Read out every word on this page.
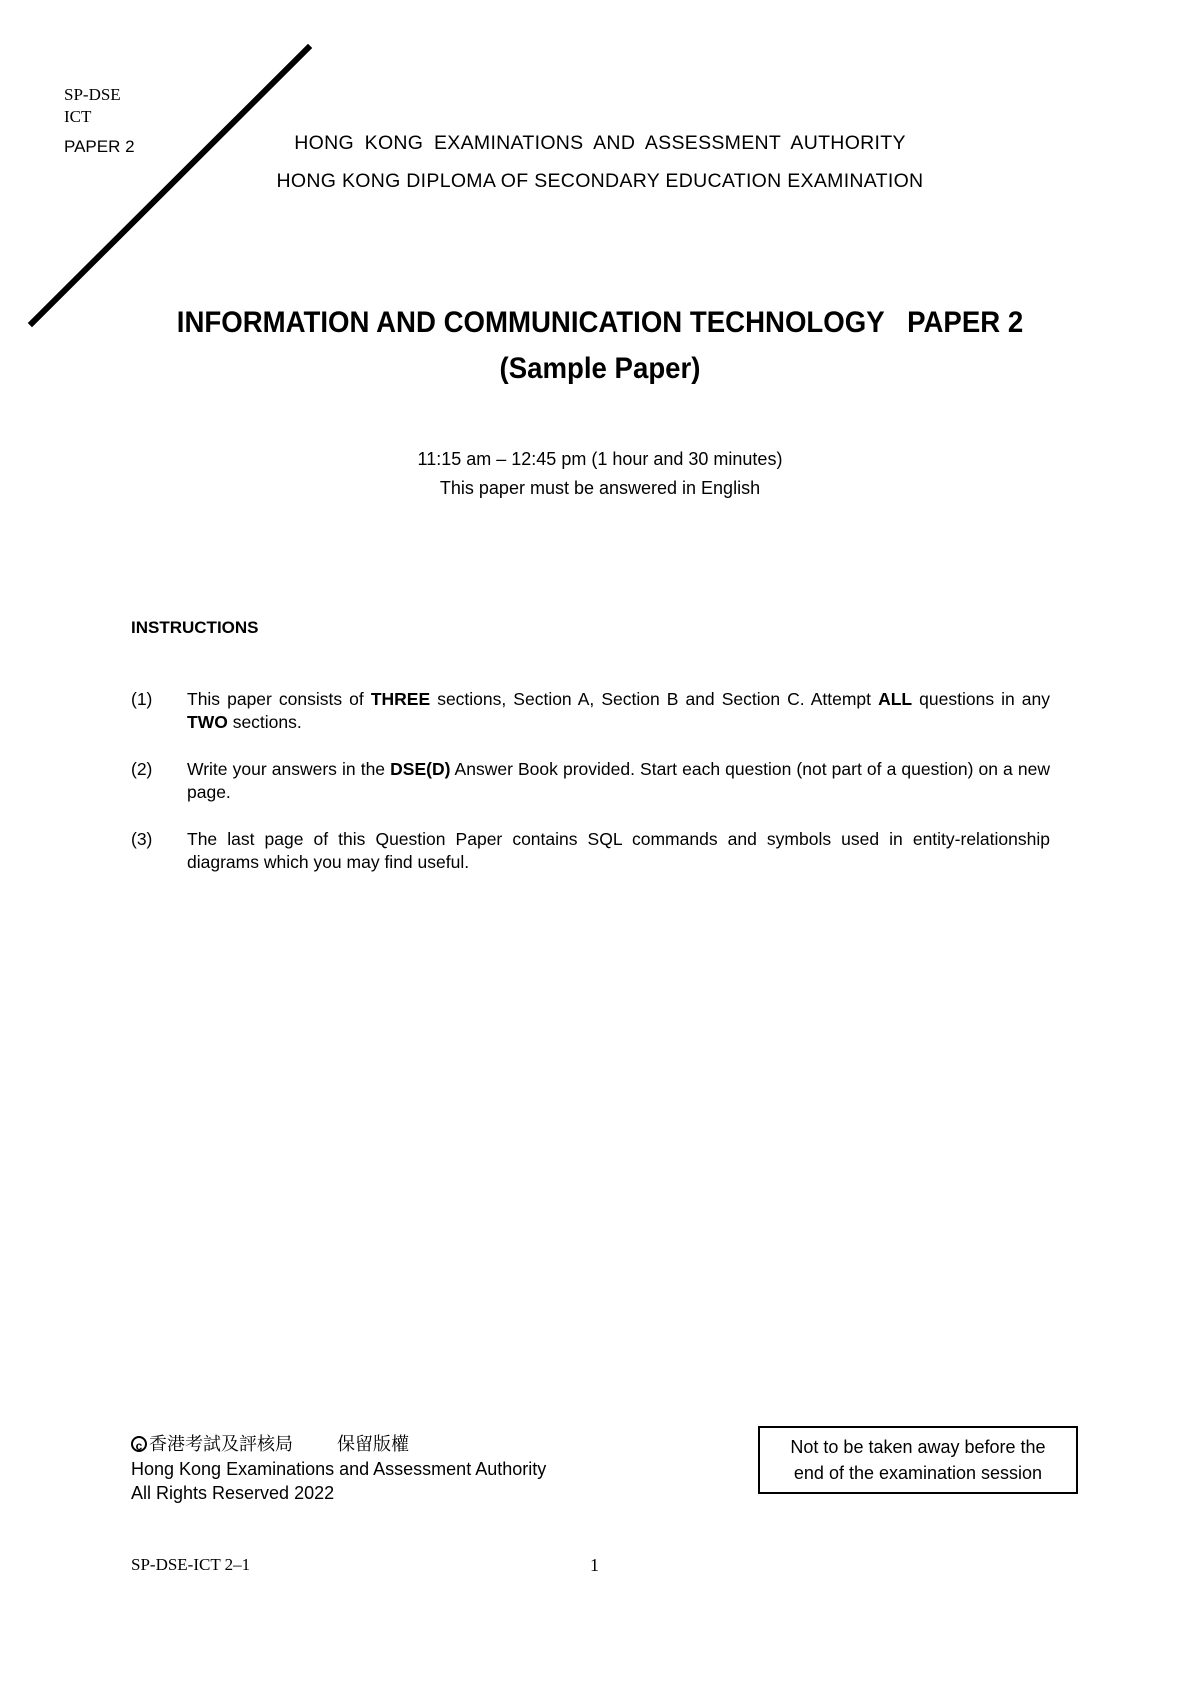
SP-DSE
ICT
PAPER 2	HONG KONG EXAMINATIONS AND ASSESSMENT AUTHORITY
HONG KONG DIPLOMA OF SECONDARY EDUCATION EXAMINATION
INFORMATION AND COMMUNICATION TECHNOLOGY   PAPER 2
(Sample Paper)
11:15 am – 12:45 pm (1 hour and 30 minutes)
This paper must be answered in English
INSTRUCTIONS
(1) This paper consists of THREE sections, Section A, Section B and Section C. Attempt ALL questions in any TWO sections.
(2) Write your answers in the DSE(D) Answer Book provided. Start each question (not part of a question) on a new page.
(3) The last page of this Question Paper contains SQL commands and symbols used in entity-relationship diagrams which you may find useful.
c 香港考試及評核局 保留版權
Hong Kong Examinations and Assessment Authority
All Rights Reserved 2022
Not to be taken away before the
end of the examination session
SP-DSE-ICT 2–1	1
